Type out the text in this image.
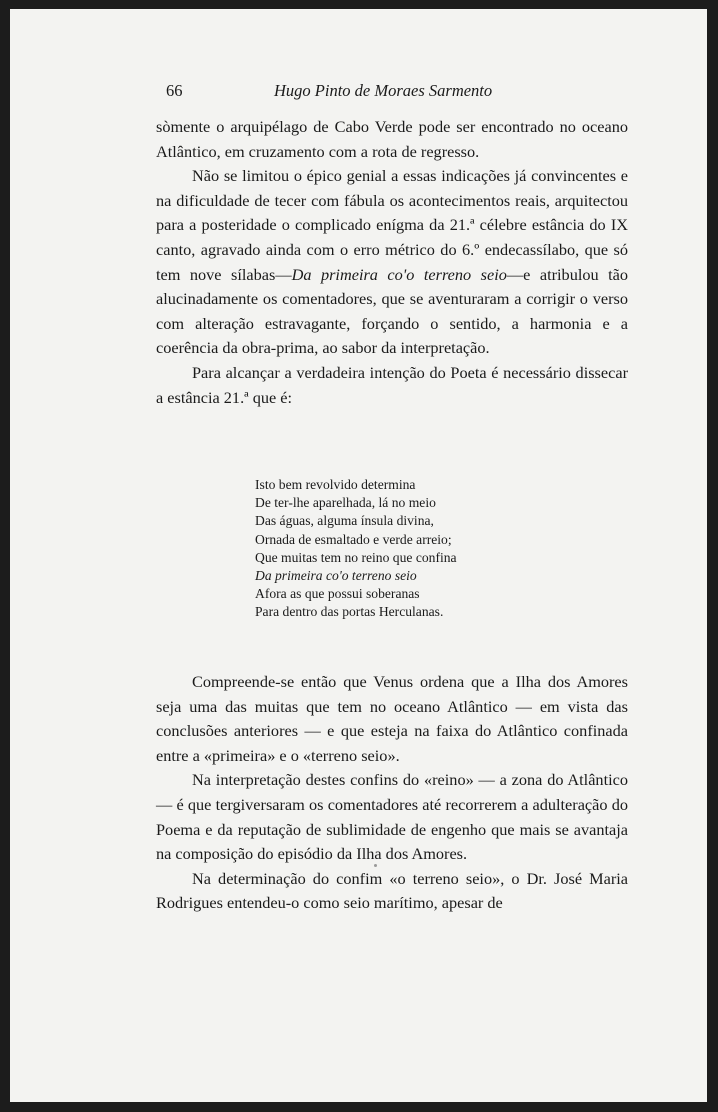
66	Hugo Pinto de Moraes Sarmento

sòmente o arquipélago de Cabo Verde pode ser encontrado no oceano Atlântico, em cruzamento com a rota de regresso.

Não se limitou o épico genial a essas indicações já convincentes e na dificuldade de tecer com fábula os acontecimentos reais, arquitectou para a posteridade o complicado enígma da 21.ª célebre estância do IX canto, agravado ainda com o erro métrico do 6.º endecassílabo, que só tem nove sílabas—Da primeira co'o terreno seio—e atribulou tão alucinadamente os comentadores, que se aventuraram a corrigir o verso com alteração estravagante, forçando o sentido, a harmonia e a coerência da obra-prima, ao sabor da interpretação.

Para alcançar a verdadeira intenção do Poeta é necessário dissecar a estância 21.ª que é:

Isto bem revolvido determina
De ter-lhe aparelhada, lá no meio
Das águas, alguma ínsula divina,
Ornada de esmaltado e verde arreio;
Que muitas tem no reino que confina
Da primeira co'o terreno seio
Afora as que possui soberanas
Para dentro das portas Herculanas.

Compreende-se então que Venus ordena que a Ilha dos Amores seja uma das muitas que tem no oceano Atlântico — em vista das conclusões anteriores — e que esteja na faixa do Atlântico confinada entre a «primeira» e o «terreno seio».

Na interpretação destes confins do «reino» — a zona do Atlântico — é que tergiversaram os comentadores até recorrerem a adulteração do Poema e da reputação de sublimidade de engenho que mais se avantaja na composição do episódio da Ilha dos Amores.

Na determinação do confim «o terreno seio», o Dr. José Maria Rodrigues entendeu-o como seio marítimo, apesar de
